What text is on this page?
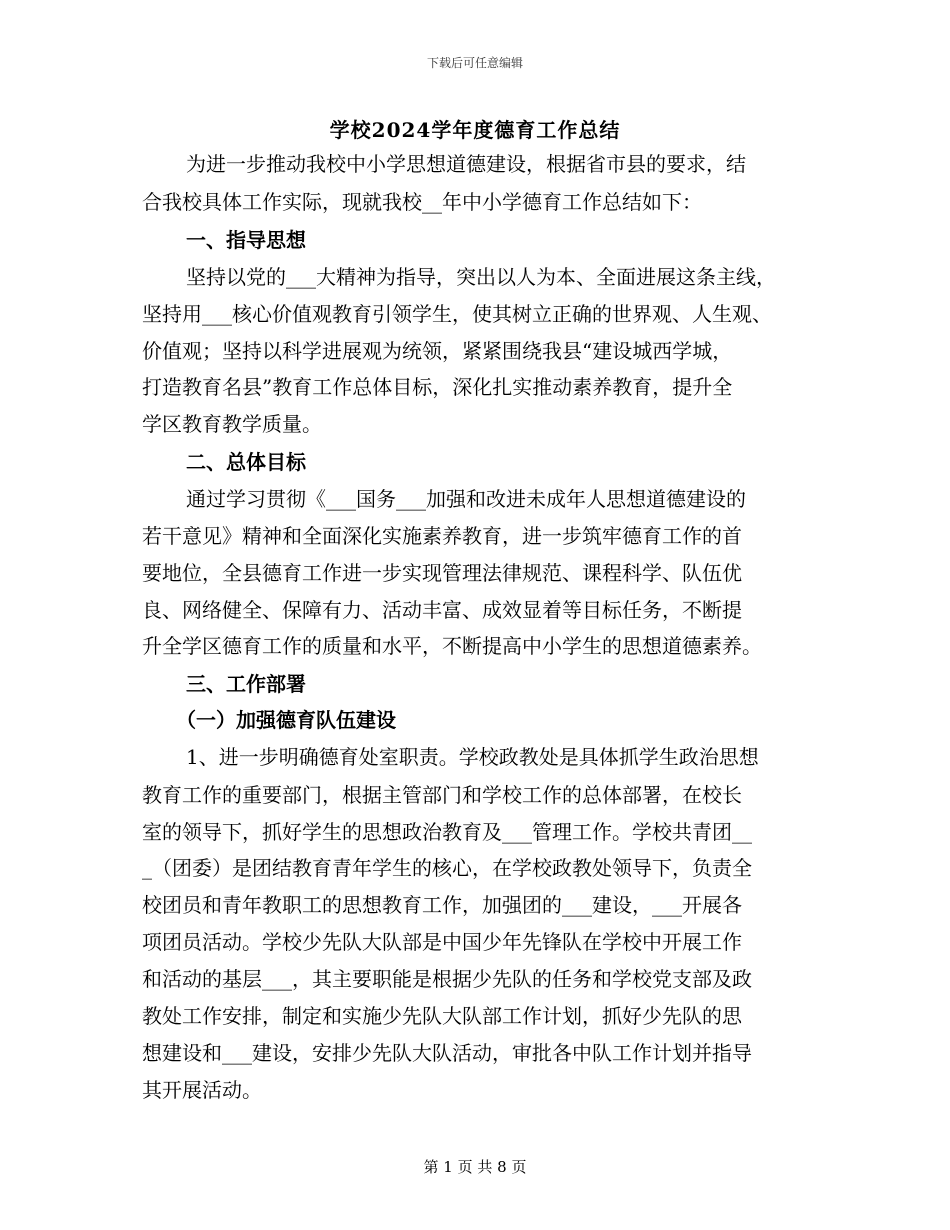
下载后可任意编辑
学校2024学年度德育工作总结
为进一步推动我校中小学思想道德建设，根据省市县的要求，结
合我校具体工作实际，现就我校__年中小学德育工作总结如下：
一、指导思想
坚持以党的___大精神为指导，突出以人为本、全面进展这条主线，
坚持用___核心价值观教育引领学生，使其树立正确的世界观、人生观、
价值观；坚持以科学进展观为统领，紧紧围绕我县“建设城西学城，
打造教育名县”教育工作总体目标，深化扎实推动素养教育，提升全
学区教育教学质量。
二、总体目标
通过学习贯彻《___国务___加强和改进未成年人思想道德建设的
若干意见》精神和全面深化实施素养教育，进一步筑牢德育工作的首
要地位，全县德育工作进一步实现管理法律规范、课程科学、队伍优
良、网络健全、保障有力、活动丰富、成效显着等目标任务，不断提
升全学区德育工作的质量和水平，不断提高中小学生的思想道德素养。
三、工作部署
（一）加强德育队伍建设
1、进一步明确德育处室职责。学校政教处是具体抓学生政治思想
教育工作的重要部门，根据主管部门和学校工作的总体部署，在校长
室的领导下，抓好学生的思想政治教育及___管理工作。学校共青团__
_（团委）是团结教育青年学生的核心，在学校政教处领导下，负责全
校团员和青年教职工的思想教育工作，加强团的___建设，___开展各
项团员活动。学校少先队大队部是中国少年先锋队在学校中开展工作
和活动的基层___，其主要职能是根据少先队的任务和学校党支部及政
教处工作安排，制定和实施少先队大队部工作计划，抓好少先队的思
想建设和___建设，安排少先队大队活动，审批各中队工作计划并指导
其开展活动。
第 1 页 共 8 页
